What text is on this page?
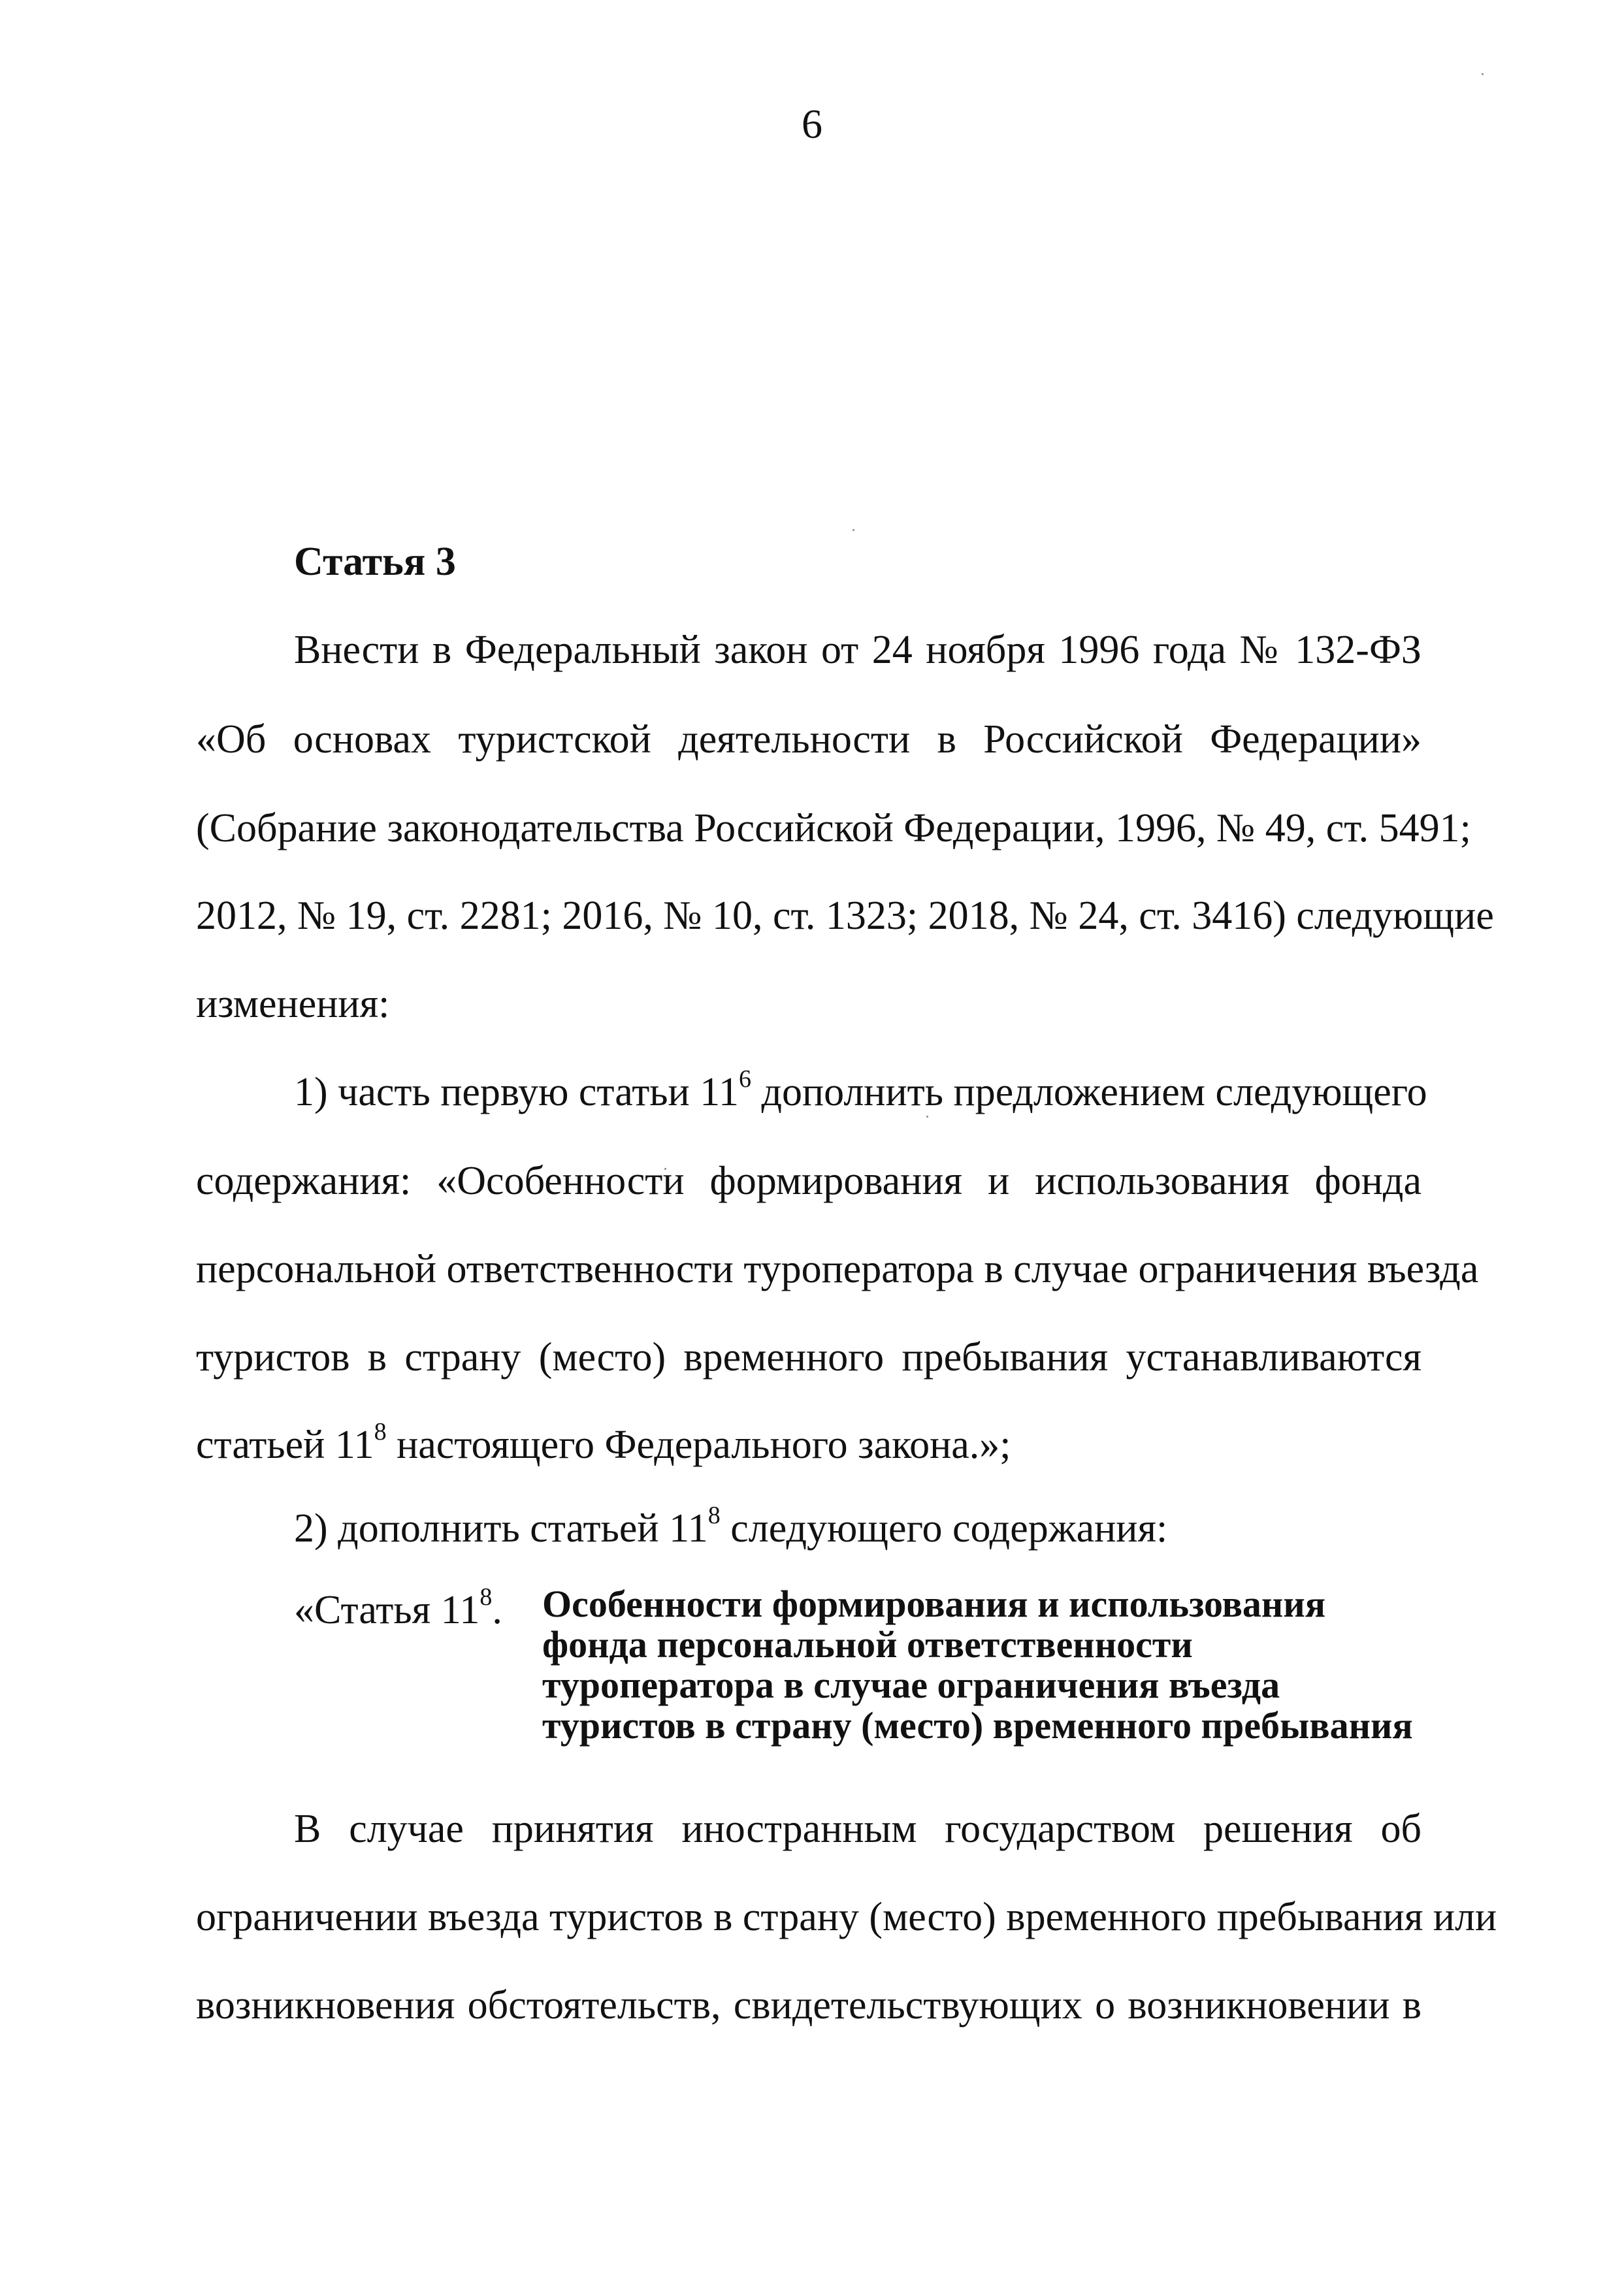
6
Статья 3
Внести в Федеральный закон от 24 ноября 1996 года № 132-ФЗ
«Об основах туристской деятельности в Российской Федерации»
(Собрание законодательства Российской Федерации, 1996, № 49, ст. 5491;
2012, № 19, ст. 2281; 2016, № 10, ст. 1323; 2018, № 24, ст. 3416) следующие
изменения:
1) часть первую статьи $11^6$ дополнить предложением следующего
содержания: «Особенности формирования и использования фонда
персональной ответственности туроператора в случае ограничения въезда
туристов в страну (место) временного пребывания устанавливаются
статьей $11^8$ настоящего Федерального закона.»;
2) дополнить статьей $11^8$ следующего содержания:
«Статья $11^8$. Особенности формирования и использования
фонда персональной ответственности
туроператора в случае ограничения въезда
туристов в страну (место) временного пребывания
В случае принятия иностранным государством решения об
ограничении въезда туристов в страну (место) временного пребывания или
возникновения обстоятельств, свидетельствующих о возникновении в
